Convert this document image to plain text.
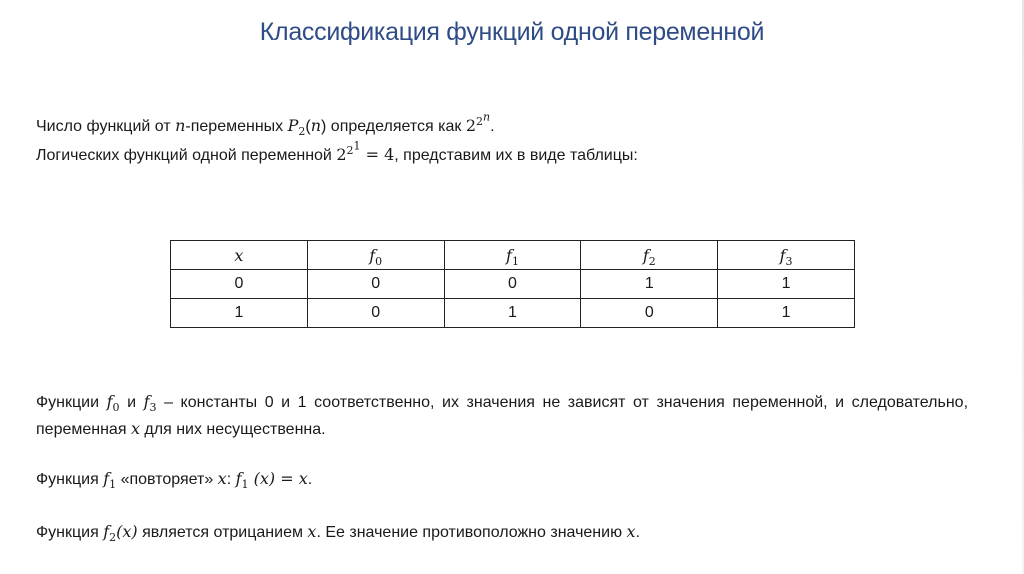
Классификация функций одной переменной
Число функций от n-переменных $P_2(n)$ определяется как $2^{2^n}$.
Логических функций одной переменной $2^{2^1} = 4$, представим их в виде таблицы:
x	$f_0$	$f_1$	$f_2$	$f_3$
0	0	0	1	1
1	0	1	0	1
Функции $f_0$ и $f_3$ – константы 0 и 1 соответственно, их значения не зависят от значения переменной, и следовательно, переменная x для них несущественна.
Функция $f_1$ «повторяет» x: $f_1$ (x) = x.
Функция $f_2(x)$ является отрицанием x. Ее значение противоположно значению x.
